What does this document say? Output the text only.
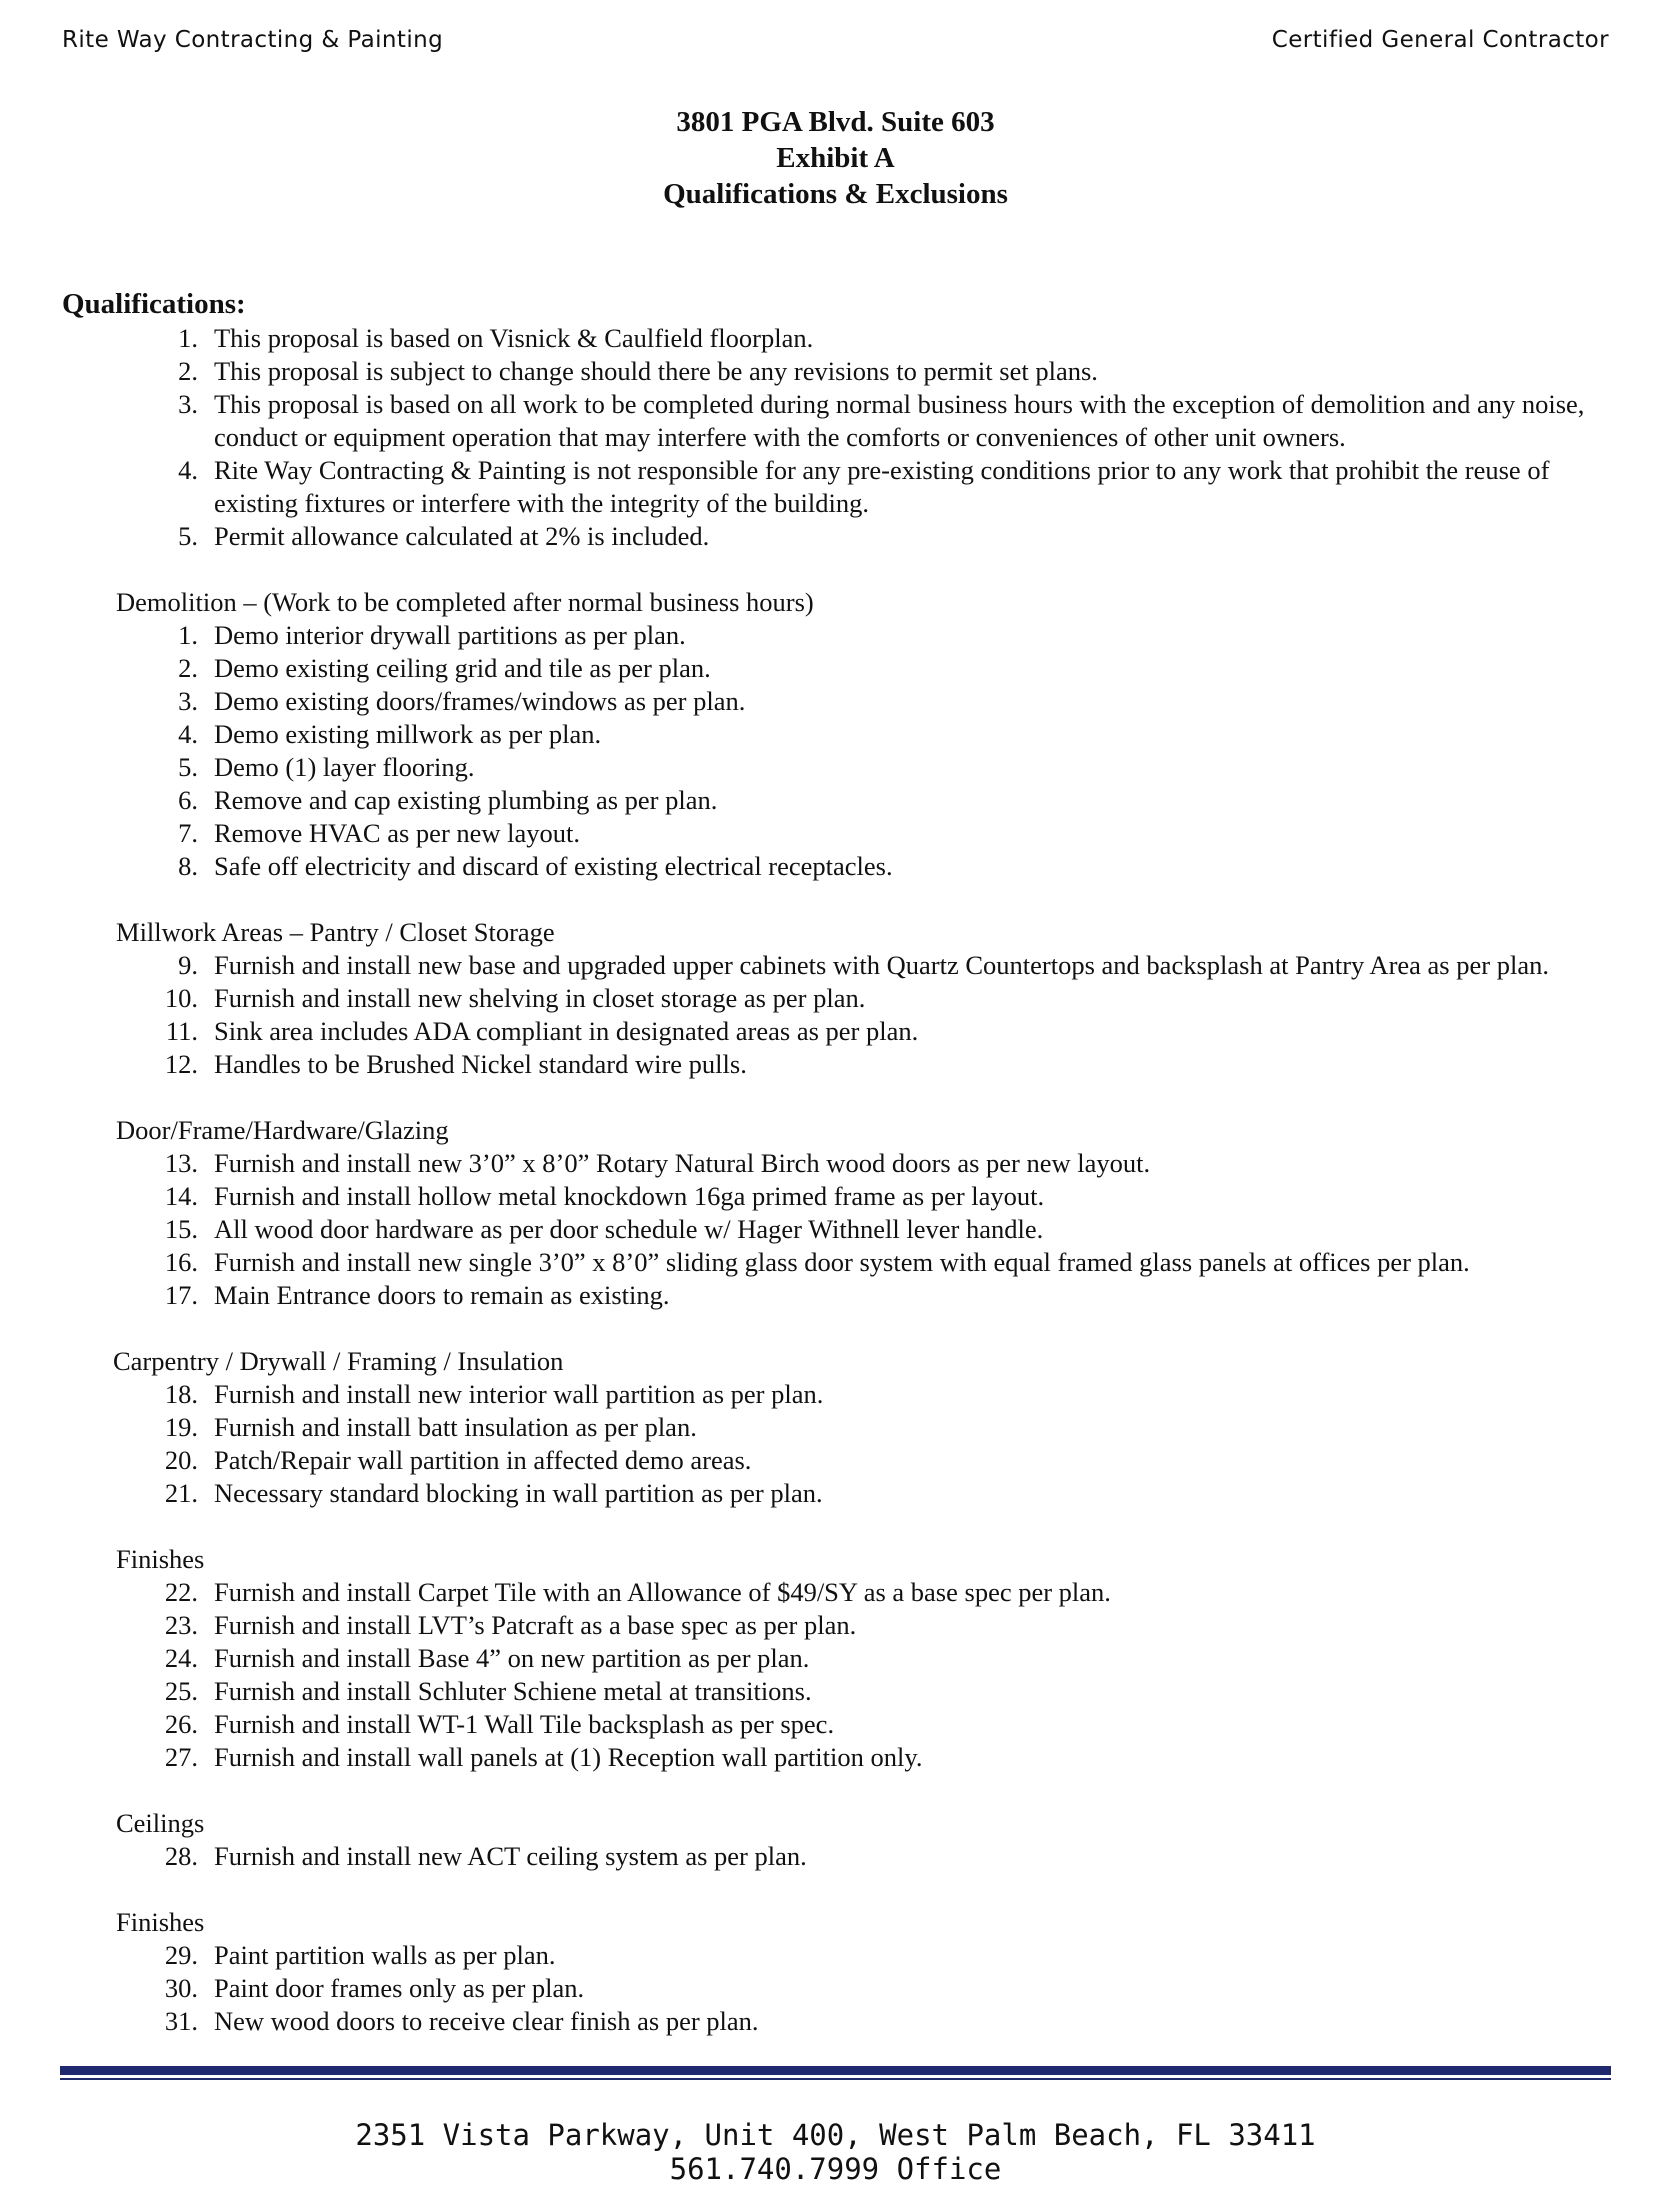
Rite Way Contracting & Painting	Certified General Contractor
3801 PGA Blvd. Suite 603
Exhibit A
Qualifications & Exclusions
Qualifications:
1. This proposal is based on Visnick & Caulfield floorplan.
2. This proposal is subject to change should there be any revisions to permit set plans.
3. This proposal is based on all work to be completed during normal business hours with the exception of demolition and any noise, conduct or equipment operation that may interfere with the comforts or conveniences of other unit owners.
4. Rite Way Contracting & Painting is not responsible for any pre-existing conditions prior to any work that prohibit the reuse of existing fixtures or interfere with the integrity of the building.
5. Permit allowance calculated at 2% is included.
Demolition – (Work to be completed after normal business hours)
1. Demo interior drywall partitions as per plan.
2. Demo existing ceiling grid and tile as per plan.
3. Demo existing doors/frames/windows as per plan.
4. Demo existing millwork as per plan.
5. Demo (1) layer flooring.
6. Remove and cap existing plumbing as per plan.
7. Remove HVAC as per new layout.
8. Safe off electricity and discard of existing electrical receptacles.
Millwork Areas – Pantry / Closet Storage
9. Furnish and install new base and upgraded upper cabinets with Quartz Countertops and backsplash at Pantry Area as per plan.
10. Furnish and install new shelving in closet storage as per plan.
11. Sink area includes ADA compliant in designated areas as per plan.
12. Handles to be Brushed Nickel standard wire pulls.
Door/Frame/Hardware/Glazing
13. Furnish and install new 3’0” x 8’0” Rotary Natural Birch wood doors as per new layout.
14. Furnish and install hollow metal knockdown 16ga primed frame as per layout.
15. All wood door hardware as per door schedule w/ Hager Withnell lever handle.
16. Furnish and install new single 3’0” x 8’0” sliding glass door system with equal framed glass panels at offices per plan.
17. Main Entrance doors to remain as existing.
Carpentry / Drywall / Framing / Insulation
18. Furnish and install new interior wall partition as per plan.
19. Furnish and install batt insulation as per plan.
20. Patch/Repair wall partition in affected demo areas.
21. Necessary standard blocking in wall partition as per plan.
Finishes
22. Furnish and install Carpet Tile with an Allowance of $49/SY as a base spec per plan.
23. Furnish and install LVT’s Patcraft as a base spec as per plan.
24. Furnish and install Base 4” on new partition as per plan.
25. Furnish and install Schluter Schiene metal at transitions.
26. Furnish and install WT-1 Wall Tile backsplash as per spec.
27. Furnish and install wall panels at (1) Reception wall partition only.
Ceilings
28. Furnish and install new ACT ceiling system as per plan.
Finishes
29. Paint partition walls as per plan.
30. Paint door frames only as per plan.
31. New wood doors to receive clear finish as per plan.
2351 Vista Parkway, Unit 400, West Palm Beach, FL 33411
561.740.7999 Office
